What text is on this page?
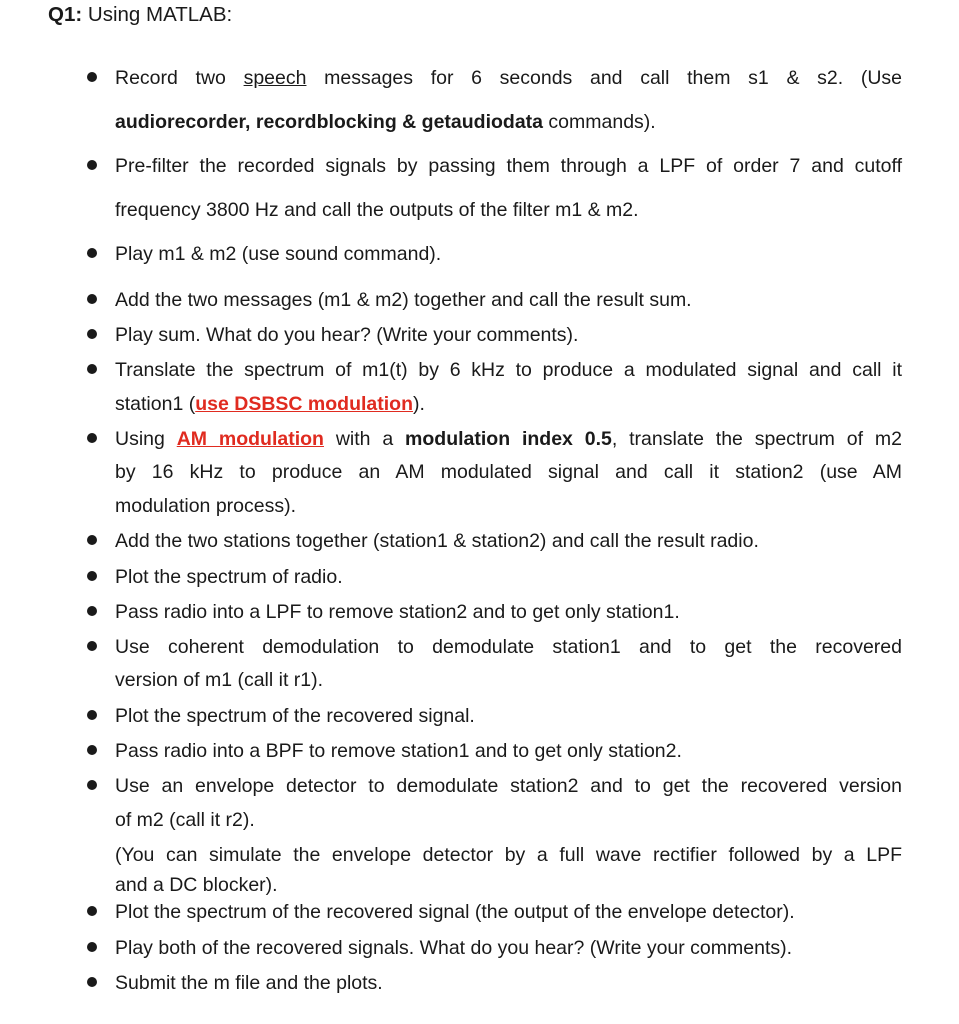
Q1: Using MATLAB:
Record two speech messages for 6 seconds and call them s1 & s2. (Use
audiorecorder, recordblocking & getaudiodata commands).
Pre-filter the recorded signals by passing them through a LPF of order 7 and cutoff
frequency 3800 Hz and call the outputs of the filter m1 & m2.
Play m1 & m2 (use sound command).
Add the two messages (m1 & m2) together and call the result sum.
Play sum. What do you hear? (Write your comments).
Translate the spectrum of m1(t) by 6 kHz to produce a modulated signal and call it
station1 (use DSBSC modulation).
Using AM modulation with a modulation index 0.5, translate the spectrum of m2
by 16 kHz to produce an AM modulated signal and call it station2 (use AM
modulation process).
Add the two stations together (station1 & station2) and call the result radio.
Plot the spectrum of radio.
Pass radio into a LPF to remove station2 and to get only station1.
Use coherent demodulation to demodulate station1 and to get the recovered
version of m1 (call it r1).
Plot the spectrum of the recovered signal.
Pass radio into a BPF to remove station1 and to get only station2.
Use an envelope detector to demodulate station2 and to get the recovered version
of m2 (call it r2).
(You can simulate the envelope detector by a full wave rectifier followed by a LPF
and a DC blocker).
Plot the spectrum of the recovered signal (the output of the envelope detector).
Play both of the recovered signals. What do you hear? (Write your comments).
Submit the m file and the plots.
